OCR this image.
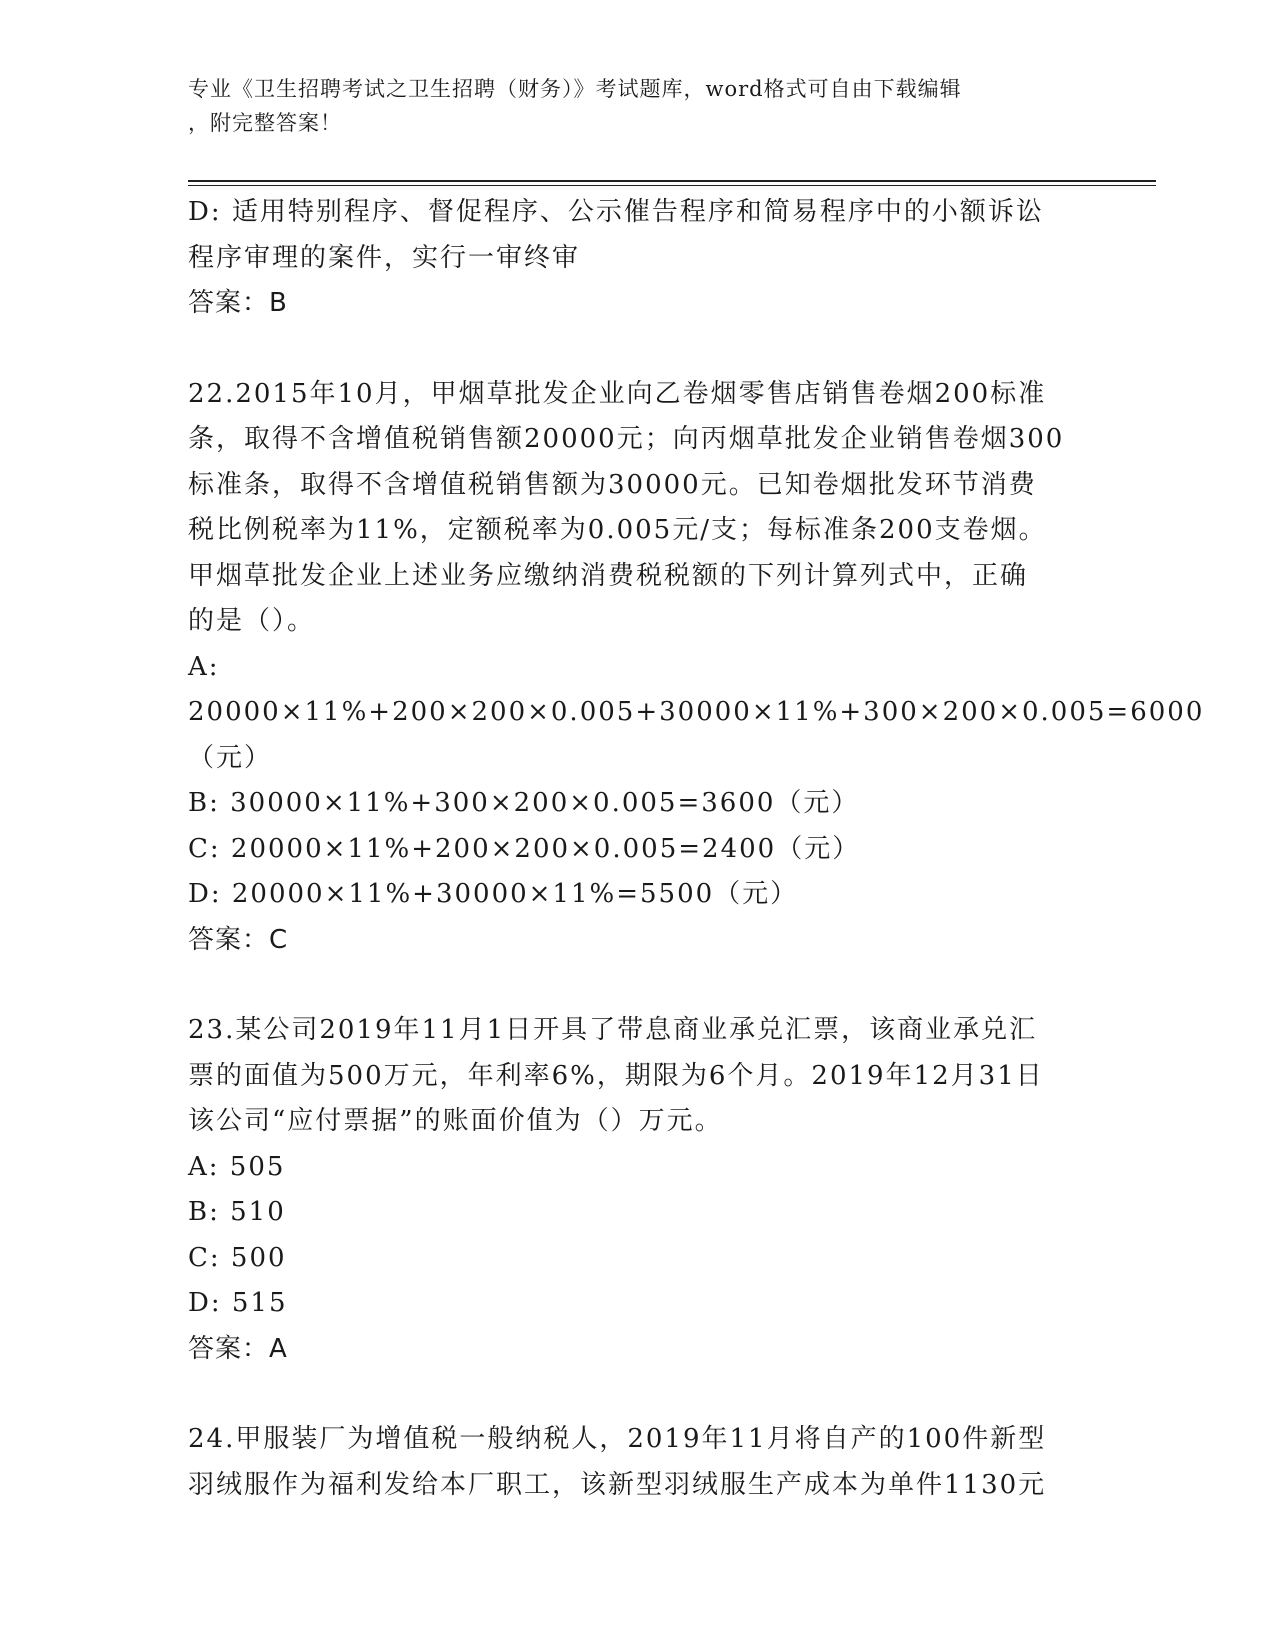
专业《卫生招聘考试之卫生招聘（财务）》考试题库，word格式可自由下载编辑
，附完整答案！

D: 适用特别程序、督促程序、公示催告程序和简易程序中的小额诉讼

程序审理的案件，实行一审终审

答案：B

22.2015年10月，甲烟草批发企业向乙卷烟零售店销售卷烟200标准

条，取得不含增值税销售额20000元；向丙烟草批发企业销售卷烟300

标准条，取得不含增值税销售额为30000元。已知卷烟批发环节消费

税比例税率为11%，定额税率为0.005元/支；每标准条200支卷烟。

甲烟草批发企业上述业务应缴纳消费税税额的下列计算列式中，正确

的是（）。

A: 20000×11%+200×200×0.005+30000×11%+300×200×0.005=6000

（元）

B: 30000×11%+300×200×0.005=3600（元）

C: 20000×11%+200×200×0.005=2400（元）

D: 20000×11%+30000×11%=5500（元）

答案：C

23.某公司2019年11月1日开具了带息商业承兑汇票，该商业承兑汇

票的面值为500万元，年利率6%，期限为6个月。2019年12月31日

该公司“应付票据”的账面价值为（）万元。

A: 505

B: 510

C: 500

D: 515

答案：A

24.甲服装厂为增值税一般纳税人，2019年11月将自产的100件新型

羽绒服作为福利发给本厂职工，该新型羽绒服生产成本为单件1130元
